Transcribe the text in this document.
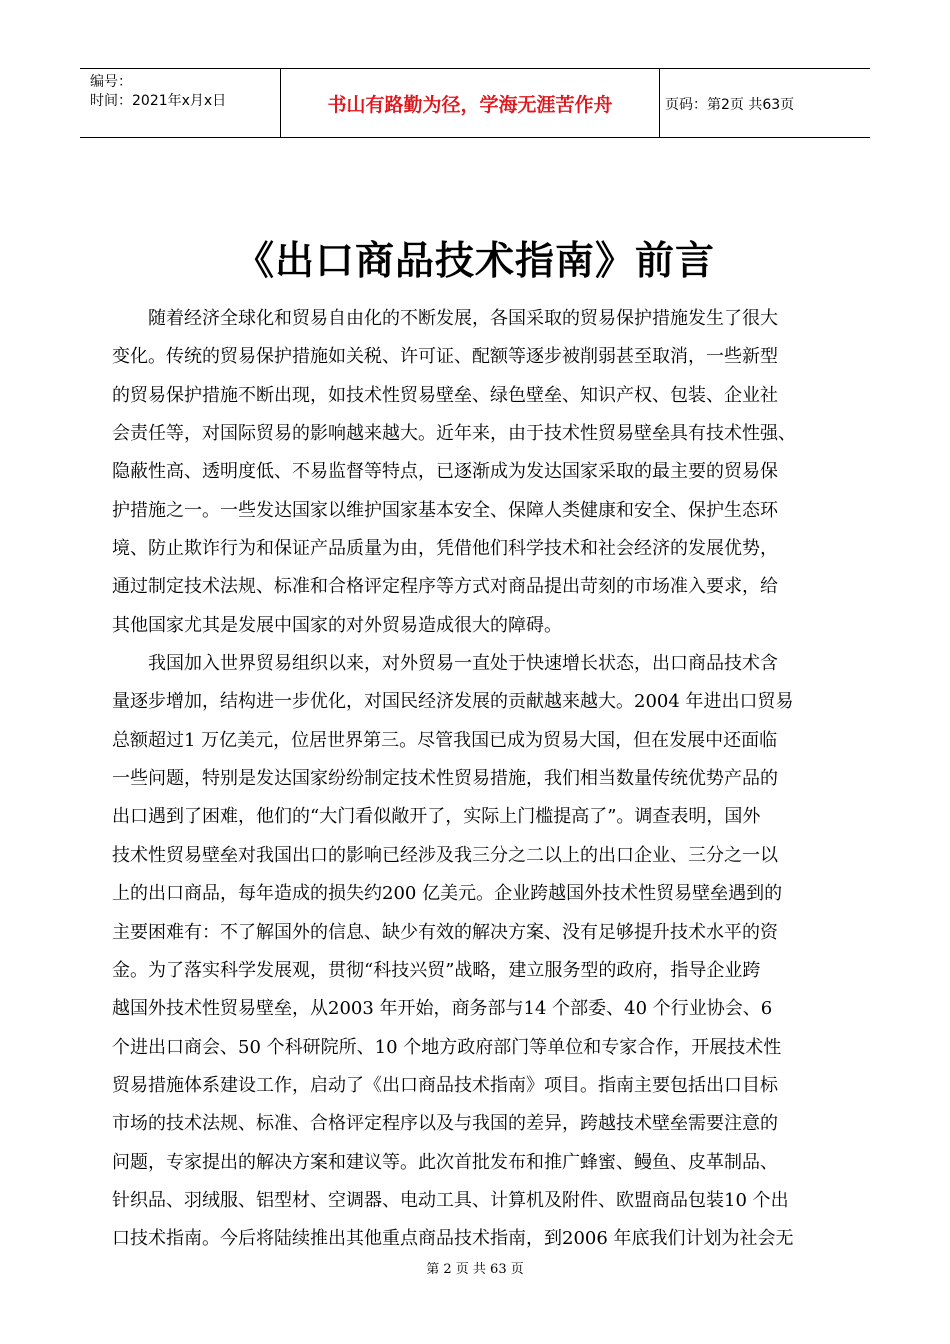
编号：
时间：2021年x月x日	书山有路勤为径，学海无涯苦作舟	页码：第2页 共63页
《出口商品技术指南》前言
　　随着经济全球化和贸易自由化的不断发展，各国采取的贸易保护措施发生了很大
变化。传统的贸易保护措施如关税、许可证、配额等逐步被削弱甚至取消，一些新型
的贸易保护措施不断出现，如技术性贸易壁垒、绿色壁垒、知识产权、包装、企业社
会责任等，对国际贸易的影响越来越大。近年来，由于技术性贸易壁垒具有技术性强、
隐蔽性高、透明度低、不易监督等特点，已逐渐成为发达国家采取的最主要的贸易保
护措施之一。一些发达国家以维护国家基本安全、保障人类健康和安全、保护生态环
境、防止欺诈行为和保证产品质量为由，凭借他们科学技术和社会经济的发展优势，
通过制定技术法规、标准和合格评定程序等方式对商品提出苛刻的市场准入要求，给
其他国家尤其是发展中国家的对外贸易造成很大的障碍。
　　我国加入世界贸易组织以来，对外贸易一直处于快速增长状态，出口商品技术含
量逐步增加，结构进一步优化，对国民经济发展的贡献越来越大。2004 年进出口贸易
总额超过1 万亿美元，位居世界第三。尽管我国已成为贸易大国，但在发展中还面临
一些问题，特别是发达国家纷纷制定技术性贸易措施，我们相当数量传统优势产品的
出口遇到了困难，他们的“大门看似敞开了，实际上门槛提高了”。调查表明，国外
技术性贸易壁垒对我国出口的影响已经涉及我三分之二以上的出口企业、三分之一以
上的出口商品，每年造成的损失约200 亿美元。企业跨越国外技术性贸易壁垒遇到的
主要困难有：不了解国外的信息、缺少有效的解决方案、没有足够提升技术水平的资
金。为了落实科学发展观，贯彻“科技兴贸”战略，建立服务型的政府，指导企业跨
越国外技术性贸易壁垒，从2003 年开始，商务部与14 个部委、40 个行业协会、6
个进出口商会、50 个科研院所、10 个地方政府部门等单位和专家合作，开展技术性
贸易措施体系建设工作，启动了《出口商品技术指南》项目。指南主要包括出口目标
市场的技术法规、标准、合格评定程序以及与我国的差异，跨越技术壁垒需要注意的
问题，专家提出的解决方案和建议等。此次首批发布和推广蜂蜜、鳗鱼、皮革制品、
针织品、羽绒服、铝型材、空调器、电动工具、计算机及附件、欧盟商品包装10 个出
口技术指南。今后将陆续推出其他重点商品技术指南，到2006 年底我们计划为社会无
第 2 页 共 63 页
